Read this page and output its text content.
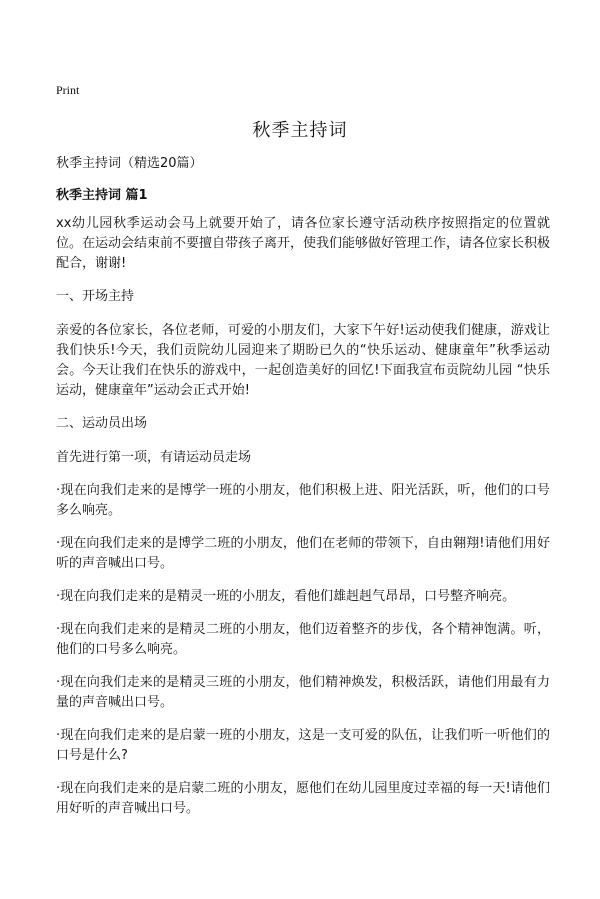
Print
秋季主持词
秋季主持词（精选20篇）
秋季主持词 篇1

xx幼儿园秋季运动会马上就要开始了，请各位家长遵守活动秩序按照指定的位置就位。在运动会结束前不要擅自带孩子离开，使我们能够做好管理工作，请各位家长积极配合，谢谢!

一、开场主持

亲爱的各位家长，各位老师，可爱的小朋友们，大家下午好!运动使我们健康，游戏让我们快乐!今天，我们贡院幼儿园迎来了期盼已久的“快乐运动、健康童年”秋季运动会。今天让我们在快乐的游戏中，一起创造美好的回忆!下面我宣布贡院幼儿园 “快乐运动，健康童年”运动会正式开始!

二、运动员出场

首先进行第一项，有请运动员走场

·现在向我们走来的是博学一班的小朋友，他们积极上进、阳光活跃，听，他们的口号多么响亮。

·现在向我们走来的是博学二班的小朋友，他们在老师的带领下，自由翱翔!请他们用好听的声音喊出口号。

·现在向我们走来的是精灵一班的小朋友，看他们雄赳赳气昂昂，口号整齐响亮。

·现在向我们走来的是精灵二班的小朋友，他们迈着整齐的步伐，各个精神饱满。听，他们的口号多么响亮。

·现在向我们走来的是精灵三班的小朋友，他们精神焕发，积极活跃，请他们用最有力量的声音喊出口号。

·现在向我们走来的是启蒙一班的小朋友，这是一支可爱的队伍，让我们听一听他们的口号是什么?

·现在向我们走来的是启蒙二班的小朋友，愿他们在幼儿园里度过幸福的每一天!请他们用好听的声音喊出口号。
